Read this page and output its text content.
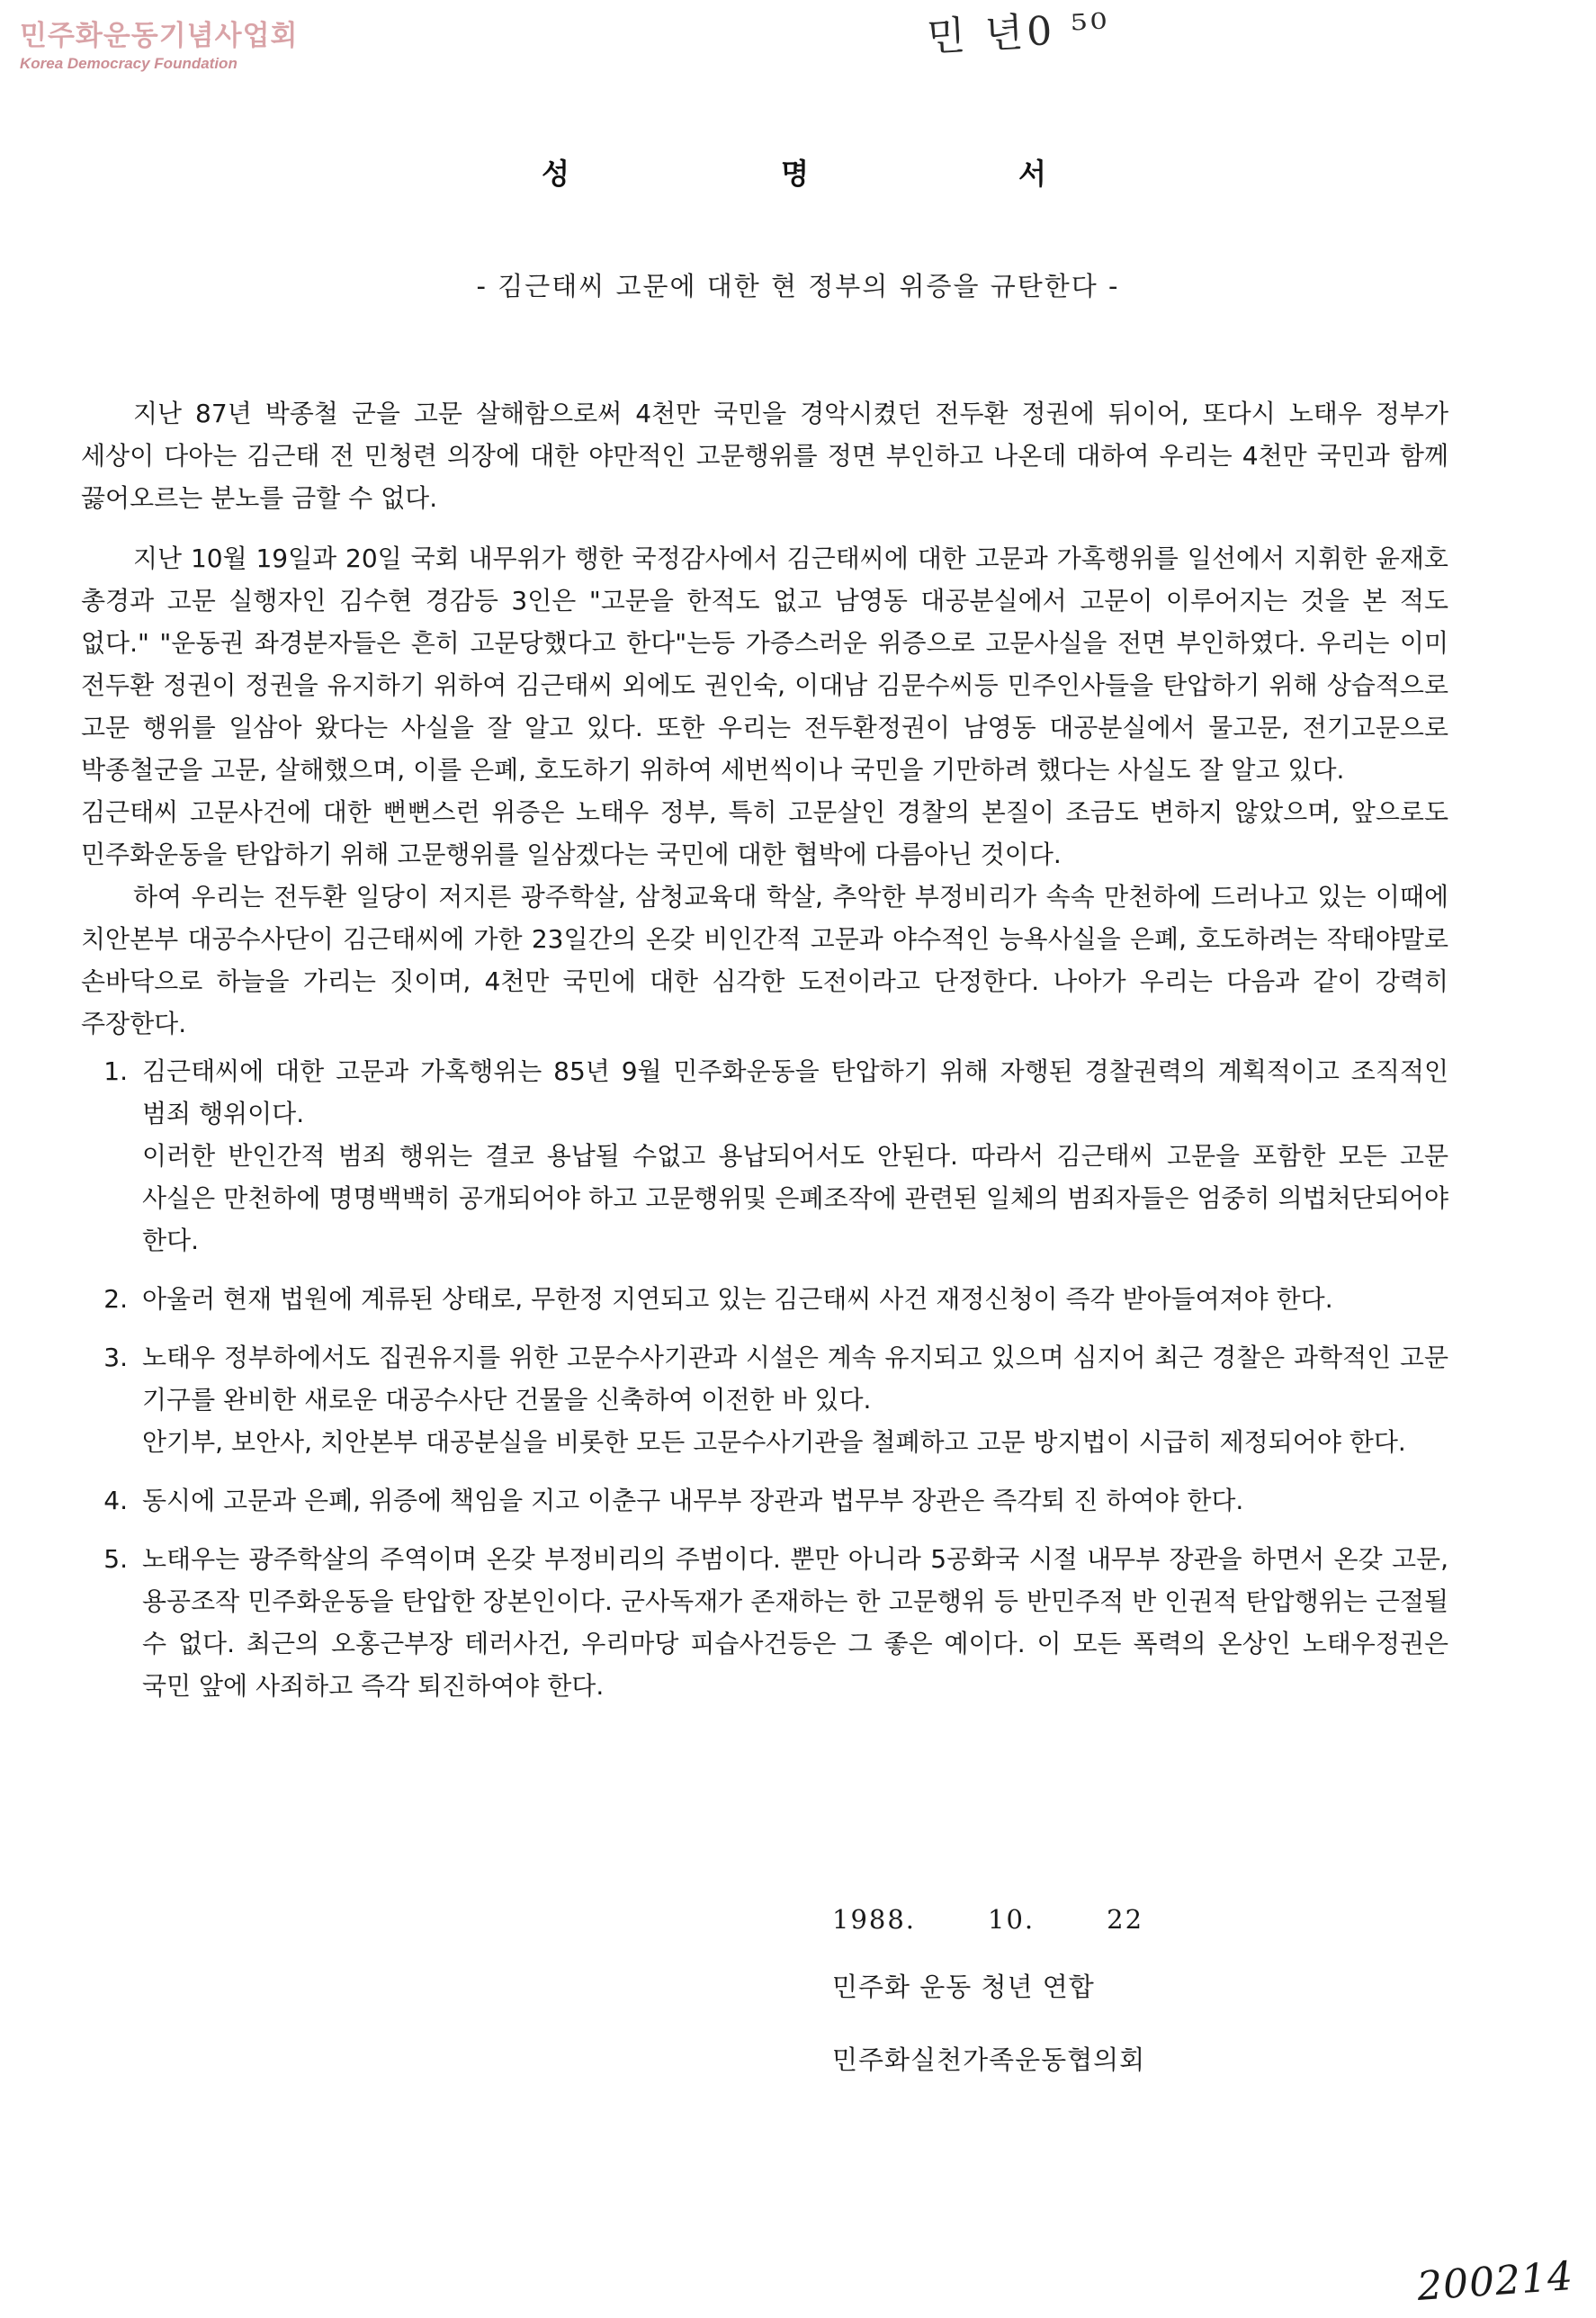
민주화운동기념사업회
Korea Democracy Foundation
민 년0 ⁵⁰
성	명	서
- 김근태씨 고문에 대한 현 정부의 위증을 규탄한다 -

지난 87년 박종철 군을 고문 살해함으로써 4천만 국민을 경악시켰던 전두환 정권에 뒤이어, 또다시 노태우 정부가 세상이 다아는 김근태 전 민청련 의장에 대한 야만적인 고문행위를 정면 부인하고 나온데 대하여 우리는 4천만 국민과 함께 끓어오르는 분노를 금할 수 없다.

지난 10월 19일과 20일 국회 내무위가 행한 국정감사에서 김근태씨에 대한 고문과 가혹행위를 일선에서 지휘한 윤재호 총경과 고문 실행자인 김수현 경감등 3인은 "고문을 한적도 없고 남영동 대공분실에서 고문이 이루어지는 것을 본 적도 없다." "운동권 좌경분자들은 흔히 고문당했다고 한다"는등 가증스러운 위증으로 고문사실을 전면 부인하였다. 우리는 이미 전두환 정권이 정권을 유지하기 위하여 김근태씨 외에도 권인숙, 이대남 김문수씨등 민주인사들을 탄압하기 위해 상습적으로 고문 행위를 일삼아 왔다는 사실을 잘 알고 있다. 또한 우리는 전두환정권이 남영동 대공분실에서 물고문, 전기고문으로 박종철군을 고문, 살해했으며, 이를 은폐, 호도하기 위하여 세번씩이나 국민을 기만하려 했다는 사실도 잘 알고 있다.

김근태씨 고문사건에 대한 뻔뻔스런 위증은 노태우 정부, 특히 고문살인 경찰의 본질이 조금도 변하지 않았으며, 앞으로도 민주화운동을 탄압하기 위해 고문행위를 일삼겠다는 국민에 대한 협박에 다름아닌 것이다.

하여 우리는 전두환 일당이 저지른 광주학살, 삼청교육대 학살, 추악한 부정비리가 속속 만천하에 드러나고 있는 이때에 치안본부 대공수사단이 김근태씨에 가한 23일간의 온갖 비인간적 고문과 야수적인 능욕사실을 은폐, 호도하려는 작태야말로 손바닥으로 하늘을 가리는 짓이며, 4천만 국민에 대한 심각한 도전이라고 단정한다. 나아가 우리는 다음과 같이 강력히 주장한다.

1. 김근태씨에 대한 고문과 가혹행위는 85년 9월 민주화운동을 탄압하기 위해 자행된 경찰권력의 계획적이고 조직적인 범죄 행위이다.

이러한 반인간적 범죄 행위는 결코 용납될 수없고 용납되어서도 안된다. 따라서 김근태씨 고문을 포함한 모든 고문 사실은 만천하에 명명백백히 공개되어야 하고 고문행위및 은폐조작에 관련된 일체의 범죄자들은 엄중히 의법처단되어야 한다.

2. 아울러 현재 법원에 계류된 상태로, 무한정 지연되고 있는 김근태씨 사건 재정신청이 즉각 받아들여져야 한다.

3. 노태우 정부하에서도 집권유지를 위한 고문수사기관과 시설은 계속 유지되고 있으며 심지어 최근 경찰은 과학적인 고문 기구를 완비한 새로운 대공수사단 건물을 신축하여 이전한 바 있다.

안기부, 보안사, 치안본부 대공분실을 비롯한 모든 고문수사기관을 철폐하고 고문 방지법이 시급히 제정되어야 한다.

4. 동시에 고문과 은폐, 위증에 책임을 지고 이춘구 내무부 장관과 법무부 장관은 즉각퇴 진 하여야 한다.

5. 노태우는 광주학살의 주역이며 온갖 부정비리의 주범이다. 뿐만 아니라 5공화국 시절 내무부 장관을 하면서 온갖 고문, 용공조작 민주화운동을 탄압한 장본인이다. 군사독재가 존재하는 한 고문행위 등 반민주적 반 인권적 탄압행위는 근절될 수 없다. 최근의 오홍근부장 테러사건, 우리마당 피습사건등은 그 좋은 예이다. 이 모든 폭력의 온상인 노태우정권은 국민 앞에 사죄하고 즉각 퇴진하여야 한다.

1988.	10.	22
민주화 운동 청년 연합
민주화실천가족운동협의회
200214
